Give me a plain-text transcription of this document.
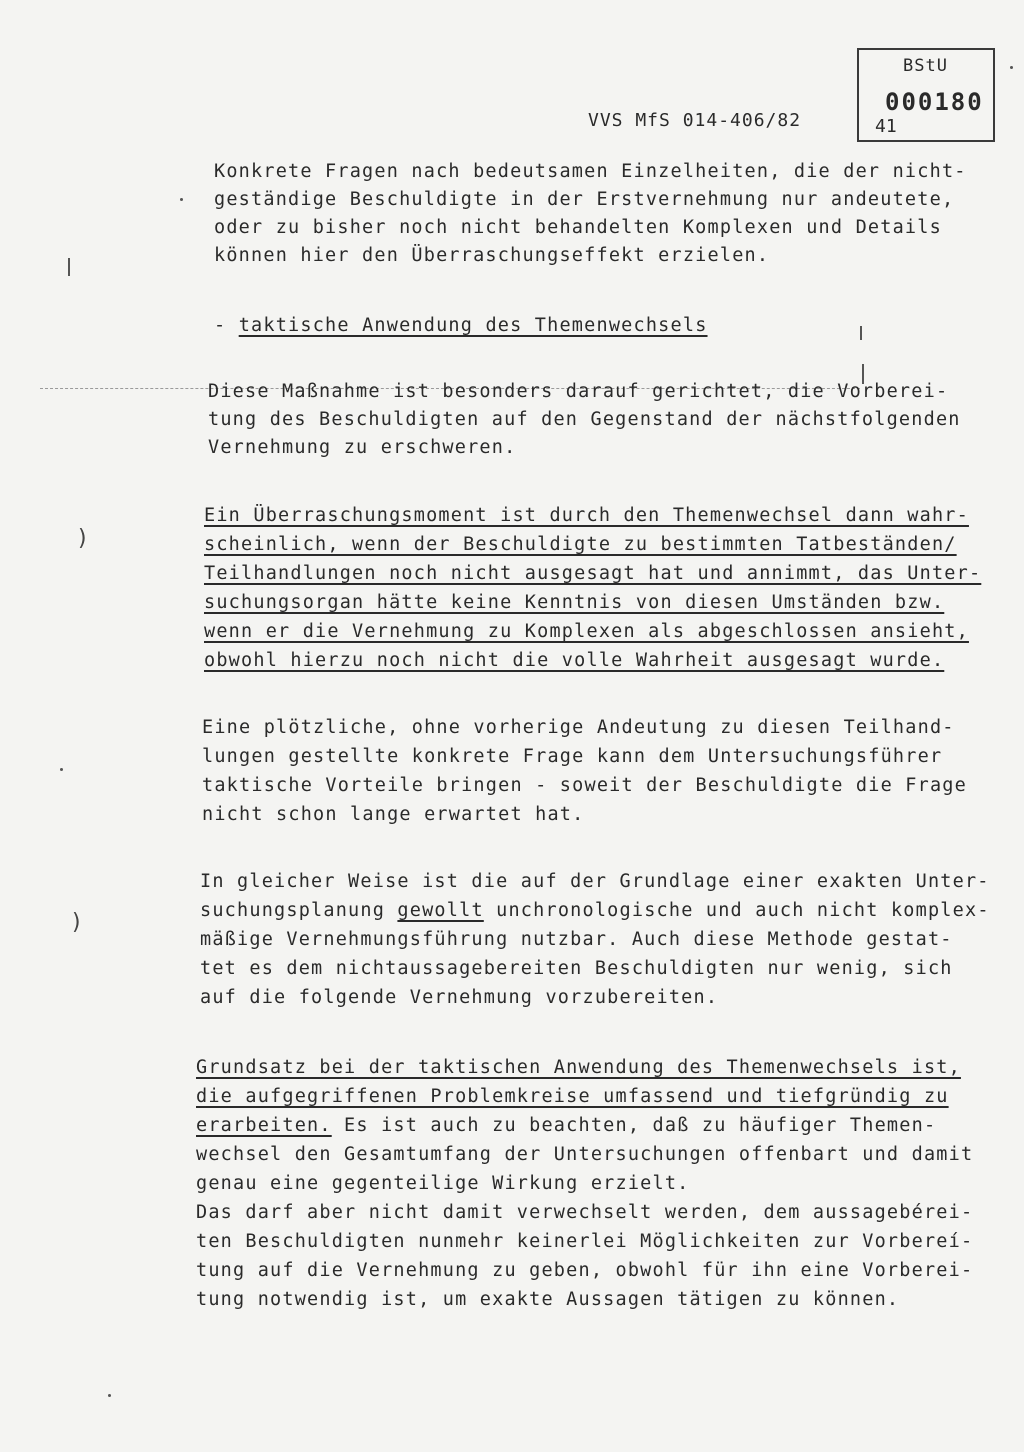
BStU
000180
41
VVS MfS 014-406/82
)
)
Konkrete Fragen nach bedeutsamen Einzelheiten, die der nicht-
geständige Beschuldigte in der Erstvernehmung nur andeutete,
oder zu bisher noch nicht behandelten Komplexen und Details
können hier den Überraschungseffekt erzielen.
- taktische Anwendung des Themenwechsels
Diese Maßnahme ist besonders darauf gerichtet, die Vorberei-
tung des Beschuldigten auf den Gegenstand der nächstfolgenden
Vernehmung zu erschweren.
Ein Überraschungsmoment ist durch den Themenwechsel dann wahr-
scheinlich, wenn der Beschuldigte zu bestimmten Tatbeständen/
Teilhandlungen noch nicht ausgesagt hat und annimmt, das Unter-
suchungsorgan hätte keine Kenntnis von diesen Umständen bzw.
wenn er die Vernehmung zu Komplexen als abgeschlossen ansieht,
obwohl hierzu noch nicht die volle Wahrheit ausgesagt wurde.
Eine plötzliche, ohne vorherige Andeutung zu diesen Teilhand-
lungen gestellte konkrete Frage kann dem Untersuchungsführer
taktische Vorteile bringen - soweit der Beschuldigte die Frage
nicht schon lange erwartet hat.
In gleicher Weise ist die auf der Grundlage einer exakten Unter-
suchungsplanung gewollt unchronologische und auch nicht komplex-
mäßige Vernehmungsführung nutzbar. Auch diese Methode gestat-
tet es dem nichtaussagebereiten Beschuldigten nur wenig, sich
auf die folgende Vernehmung vorzubereiten.
Grundsatz bei der taktischen Anwendung des Themenwechsels ist,
die aufgegriffenen Problemkreise umfassend und tiefgründig zu
erarbeiten. Es ist auch zu beachten, daß zu häufiger Themen-
wechsel den Gesamtumfang der Untersuchungen offenbart und damit
genau eine gegenteilige Wirkung erzielt.
Das darf aber nicht damit verwechselt werden, dem aussagebérei-
ten Beschuldigten nunmehr keinerlei Möglichkeiten zur Vorbereí-
tung auf die Vernehmung zu geben, obwohl für ihn eine Vorberei-
tung notwendig ist, um exakte Aussagen tätigen zu können.
